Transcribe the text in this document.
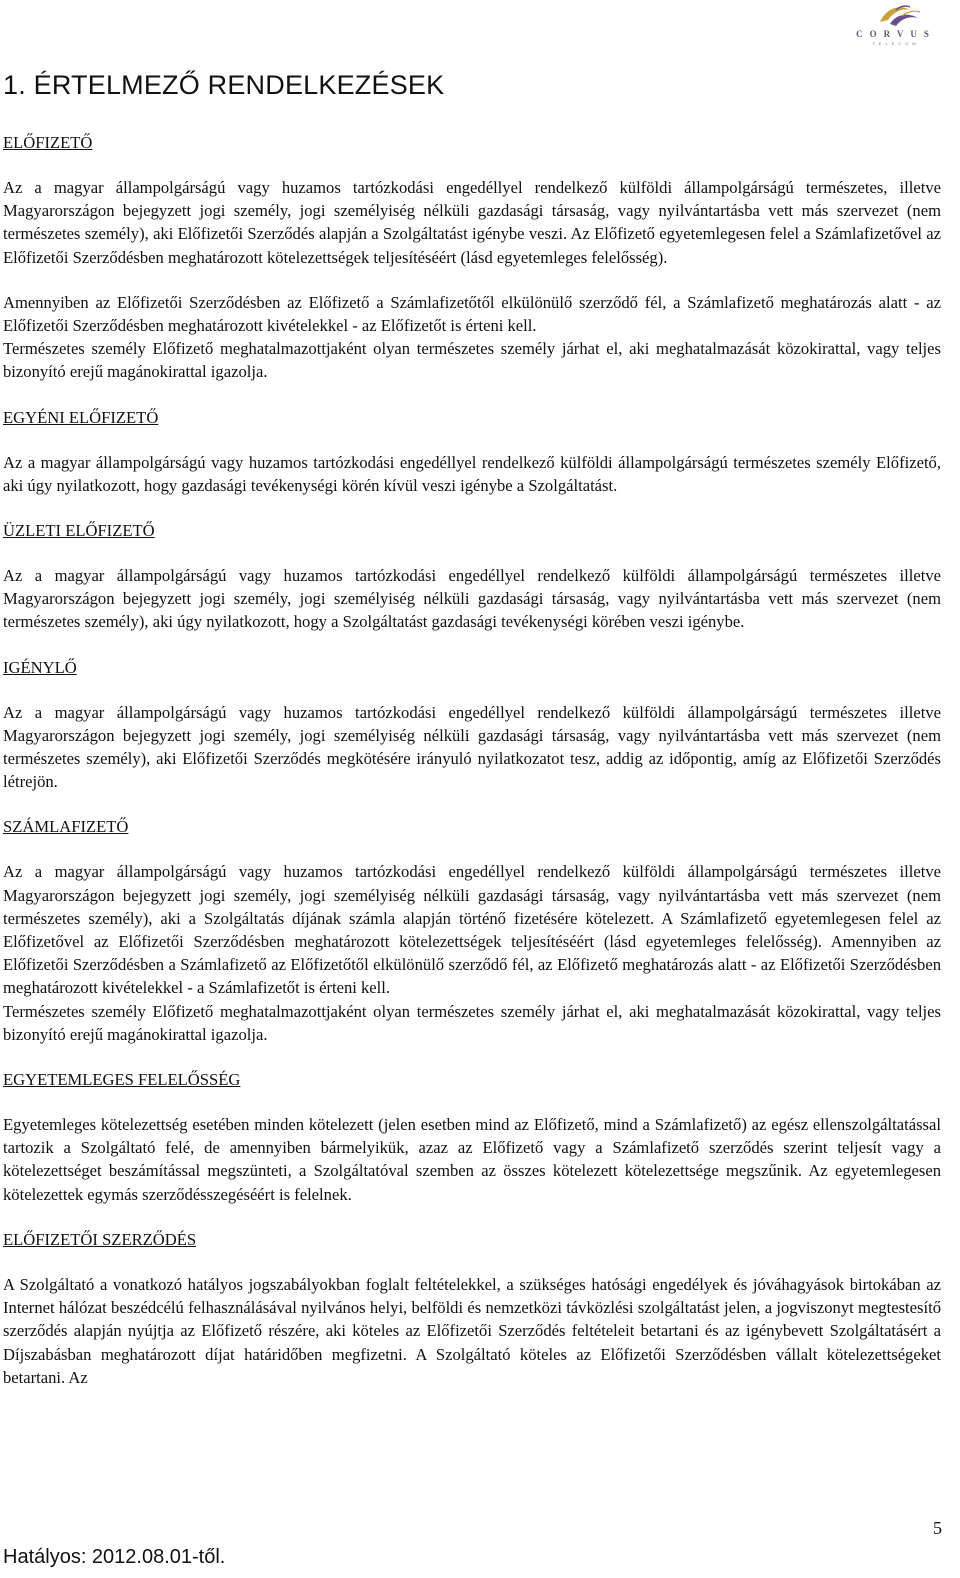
CORVUS
TELECOM
1. ÉRTELMEZŐ RENDELKEZÉSEK
ELŐFIZETŐ

Az a magyar állampolgárságú vagy huzamos tartózkodási engedéllyel rendelkező külföldi állampolgárságú természetes, illetve Magyarországon bejegyzett jogi személy, jogi személyiség nélküli gazdasági társaság, vagy nyilvántartásba vett más szervezet (nem természetes személy), aki Előfizetői Szerződés alapján a Szolgáltatást igénybe veszi. Az Előfizető egyetemlegesen felel a Számlafizetővel az Előfizetői Szerződésben meghatározott kötelezettségek teljesítéséért (lásd egyetemleges felelősség).

Amennyiben az Előfizetői Szerződésben az Előfizető a Számlafizetőtől elkülönülő szerződő fél, a Számlafizető meghatározás alatt - az Előfizetői Szerződésben meghatározott kivételekkel - az Előfizetőt is érteni kell.

Természetes személy Előfizető meghatalmazottjaként olyan természetes személy járhat el, aki meghatalmazását közokirattal, vagy teljes bizonyító erejű magánokirattal igazolja.

EGYÉNI ELŐFIZETŐ

Az a magyar állampolgárságú vagy huzamos tartózkodási engedéllyel rendelkező külföldi állampolgárságú természetes személy Előfizető, aki úgy nyilatkozott, hogy gazdasági tevékenységi körén kívül veszi igénybe a Szolgáltatást.

ÜZLETI ELŐFIZETŐ

Az a magyar állampolgárságú vagy huzamos tartózkodási engedéllyel rendelkező külföldi állampolgárságú természetes illetve Magyarországon bejegyzett jogi személy, jogi személyiség nélküli gazdasági társaság, vagy nyilvántartásba vett más szervezet (nem természetes személy), aki úgy nyilatkozott, hogy a Szolgáltatást gazdasági tevékenységi körében veszi igénybe.

IGÉNYLŐ

Az a magyar állampolgárságú vagy huzamos tartózkodási engedéllyel rendelkező külföldi állampolgárságú természetes illetve Magyarországon bejegyzett jogi személy, jogi személyiség nélküli gazdasági társaság, vagy nyilvántartásba vett más szervezet (nem természetes személy), aki Előfizetői Szerződés megkötésére irányuló nyilatkozatot tesz, addig az időpontig, amíg az Előfizetői Szerződés létrejön.

SZÁMLAFIZETŐ

Az a magyar állampolgárságú vagy huzamos tartózkodási engedéllyel rendelkező külföldi állampolgárságú természetes illetve Magyarországon bejegyzett jogi személy, jogi személyiség nélküli gazdasági társaság, vagy nyilvántartásba vett más szervezet (nem természetes személy), aki a Szolgáltatás díjának számla alapján történő fizetésére kötelezett. A Számlafizető egyetemlegesen felel az Előfizetővel az Előfizetői Szerződésben meghatározott kötelezettségek teljesítéséért (lásd egyetemleges felelősség). Amennyiben az Előfizetői Szerződésben a Számlafizető az Előfizetőtől elkülönülő szerződő fél, az Előfizető meghatározás alatt - az Előfizetői Szerződésben meghatározott kivételekkel - a Számlafizetőt is érteni kell.

Természetes személy Előfizető meghatalmazottjaként olyan természetes személy járhat el, aki meghatalmazását közokirattal, vagy teljes bizonyító erejű magánokirattal igazolja.

EGYETEMLEGES FELELŐSSÉG

Egyetemleges kötelezettség esetében minden kötelezett (jelen esetben mind az Előfizető, mind a Számlafizető) az egész ellenszolgáltatással tartozik a Szolgáltató felé, de amennyiben bármelyikük, azaz az Előfizető vagy a Számlafizető szerződés szerint teljesít vagy a kötelezettséget beszámítással megszünteti, a Szolgáltatóval szemben az összes kötelezett kötelezettsége megszűnik. Az egyetemlegesen kötelezettek egymás szerződésszegéséért is felelnek.

ELŐFIZETŐI SZERZŐDÉS

A Szolgáltató a vonatkozó hatályos jogszabályokban foglalt feltételekkel, a szükséges hatósági engedélyek és jóváhagyások birtokában az Internet hálózat beszédcélú felhasználásával nyilvános helyi, belföldi és nemzetközi távközlési szolgáltatást jelen, a jogviszonyt megtestesítő szerződés alapján nyújtja az Előfizető részére, aki köteles az Előfizetői Szerződés feltételeit betartani és az igénybevett Szolgáltatásért a Díjszabásban meghatározott díjat határidőben megfizetni. A Szolgáltató köteles az Előfizetői Szerződésben vállalt kötelezettségeket betartani. Az

5
Hatályos: 2012.08.01-től.
